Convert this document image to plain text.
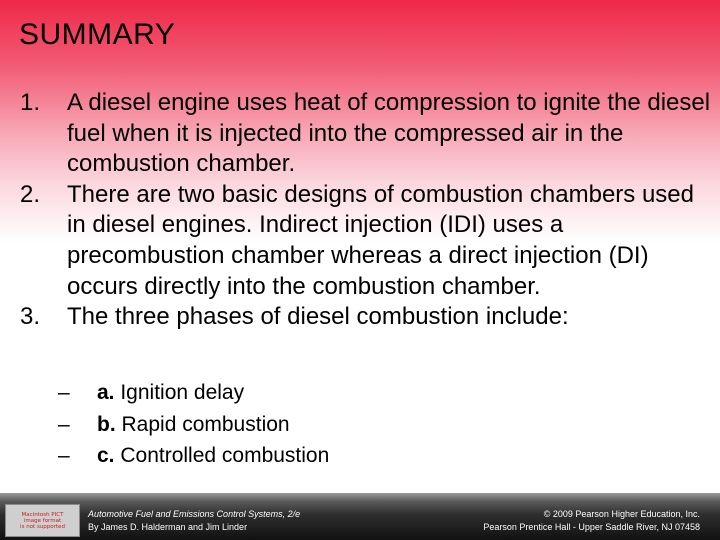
SUMMARY
1. A diesel engine uses heat of compression to ignite the diesel fuel when it is injected into the compressed air in the combustion chamber.
2. There are two basic designs of combustion chambers used in diesel engines. Indirect injection (IDI) uses a precombustion chamber whereas a direct injection (DI) occurs directly into the combustion chamber.
3. The three phases of diesel combustion include:
– a. Ignition delay
– b. Rapid combustion
– c. Controlled combustion
Macintosh PICT
image format
is not supported
Automotive Fuel and Emissions Control Systems, 2/e
By James D. Halderman and Jim Linder
© 2009 Pearson Higher Education, Inc.
Pearson Prentice Hall - Upper Saddle River, NJ 07458
